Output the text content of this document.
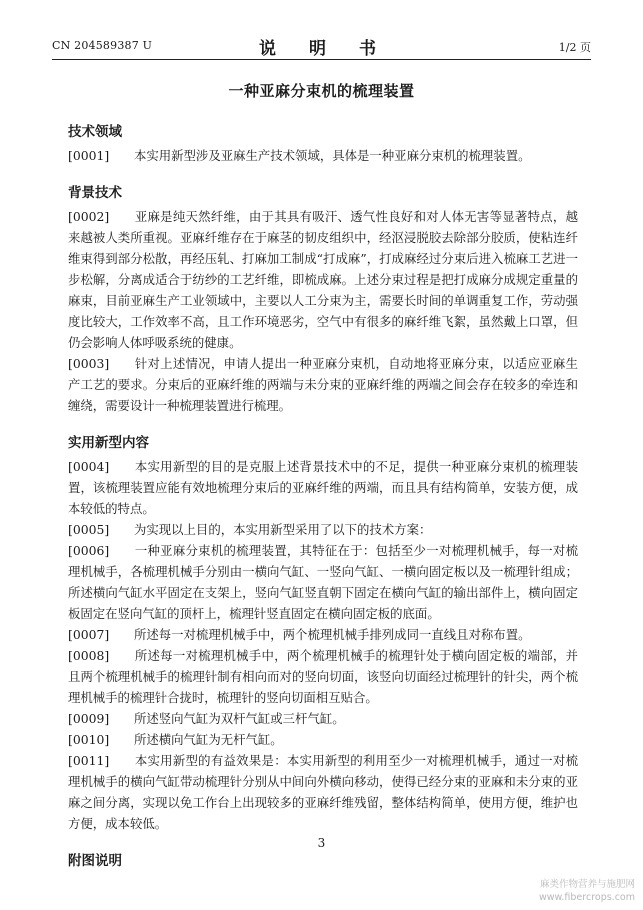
CN 204589387 U	说　明　书	1/2 页
一种亚麻分束机的梳理装置
技术领域

[0001]　　本实用新型涉及亚麻生产技术领域，具体是一种亚麻分束机的梳理装置。

背景技术

[0002]　　亚麻是纯天然纤维，由于其具有吸汗、透气性良好和对人体无害等显著特点，越来越被人类所重视。亚麻纤维存在于麻茎的韧皮组织中，经沤浸脱胶去除部分胶质，使粘连纤维束得到部分松散，再经压轧、打麻加工制成“打成麻”，打成麻经过分束后进入梳麻工艺进一步松解，分离成适合于纺纱的工艺纤维，即梳成麻。上述分束过程是把打成麻分成规定重量的麻束，目前亚麻生产工业领域中，主要以人工分束为主，需要长时间的单调重复工作，劳动强度比较大，工作效率不高，且工作环境恶劣，空气中有很多的麻纤维飞絮，虽然戴上口罩，但仍会影响人体呼吸系统的健康。

[0003]　　针对上述情况，申请人提出一种亚麻分束机，自动地将亚麻分束，以适应亚麻生产工艺的要求。分束后的亚麻纤维的两端与未分束的亚麻纤维的两端之间会存在较多的牵连和缠绕，需要设计一种梳理装置进行梳理。

实用新型内容

[0004]　　本实用新型的目的是克服上述背景技术中的不足，提供一种亚麻分束机的梳理装置，该梳理装置应能有效地梳理分束后的亚麻纤维的两端，而且具有结构简单，安装方便，成本较低的特点。

[0005]　　为实现以上目的，本实用新型采用了以下的技术方案：

[0006]　　一种亚麻分束机的梳理装置，其特征在于：包括至少一对梳理机械手，每一对梳理机械手，各梳理机械手分别由一横向气缸、一竖向气缸、一横向固定板以及一梳理针组成；所述横向气缸水平固定在支架上，竖向气缸竖直朝下固定在横向气缸的输出部件上，横向固定板固定在竖向气缸的顶杆上，梳理针竖直固定在横向固定板的底面。

[0007]　　所述每一对梳理机械手中，两个梳理机械手排列成同一直线且对称布置。

[0008]　　所述每一对梳理机械手中，两个梳理机械手的梳理针处于横向固定板的端部，并且两个梳理机械手的梳理针制有相向而对的竖向切面，该竖向切面经过梳理针的针尖，两个梳理机械手的梳理针合拢时，梳理针的竖向切面相互贴合。

[0009]　　所述竖向气缸为双杆气缸或三杆气缸。

[0010]　　所述横向气缸为无杆气缸。

[0011]　　本实用新型的有益效果是：本实用新型的利用至少一对梳理机械手，通过一对梳理机械手的横向气缸带动梳理针分别从中间向外横向移动，使得已经分束的亚麻和未分束的亚麻之间分离，实现以免工作台上出现较多的亚麻纤维残留，整体结构简单，使用方便，维护也方便，成本较低。

附图说明
3
麻类作物营养与施肥网
www.fibercrops.com
